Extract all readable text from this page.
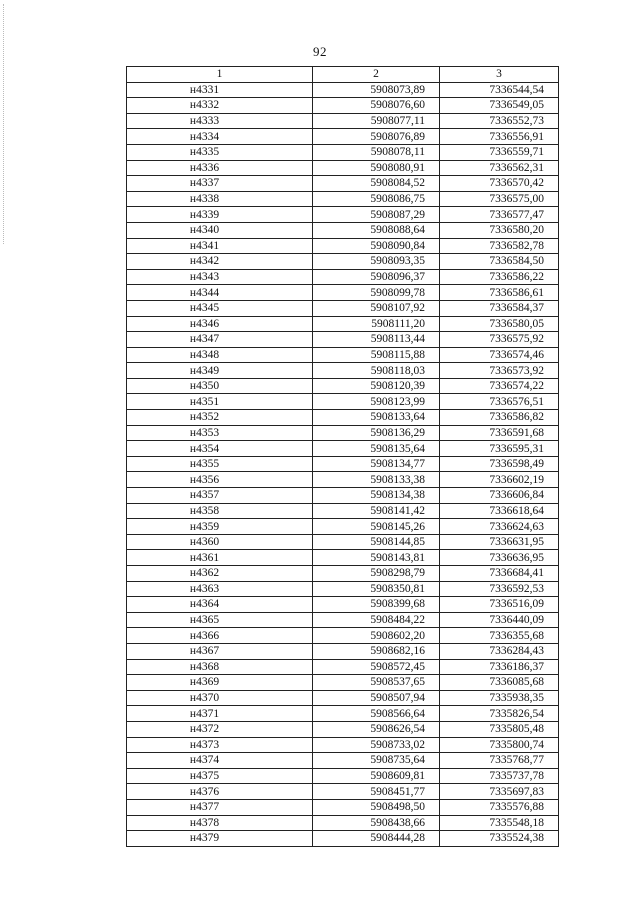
92
1	2	3
н4331	5908073,89	7336544,54
н4332	5908076,60	7336549,05
н4333	5908077,11	7336552,73
н4334	5908076,89	7336556,91
н4335	5908078,11	7336559,71
н4336	5908080,91	7336562,31
н4337	5908084,52	7336570,42
н4338	5908086,75	7336575,00
н4339	5908087,29	7336577,47
н4340	5908088,64	7336580,20
н4341	5908090,84	7336582,78
н4342	5908093,35	7336584,50
н4343	5908096,37	7336586,22
н4344	5908099,78	7336586,61
н4345	5908107,92	7336584,37
н4346	5908111,20	7336580,05
н4347	5908113,44	7336575,92
н4348	5908115,88	7336574,46
н4349	5908118,03	7336573,92
н4350	5908120,39	7336574,22
н4351	5908123,99	7336576,51
н4352	5908133,64	7336586,82
н4353	5908136,29	7336591,68
н4354	5908135,64	7336595,31
н4355	5908134,77	7336598,49
н4356	5908133,38	7336602,19
н4357	5908134,38	7336606,84
н4358	5908141,42	7336618,64
н4359	5908145,26	7336624,63
н4360	5908144,85	7336631,95
н4361	5908143,81	7336636,95
н4362	5908298,79	7336684,41
н4363	5908350,81	7336592,53
н4364	5908399,68	7336516,09
н4365	5908484,22	7336440,09
н4366	5908602,20	7336355,68
н4367	5908682,16	7336284,43
н4368	5908572,45	7336186,37
н4369	5908537,65	7336085,68
н4370	5908507,94	7335938,35
н4371	5908566,64	7335826,54
н4372	5908626,54	7335805,48
н4373	5908733,02	7335800,74
н4374	5908735,64	7335768,77
н4375	5908609,81	7335737,78
н4376	5908451,77	7335697,83
н4377	5908498,50	7335576,88
н4378	5908438,66	7335548,18
н4379	5908444,28	7335524,38
